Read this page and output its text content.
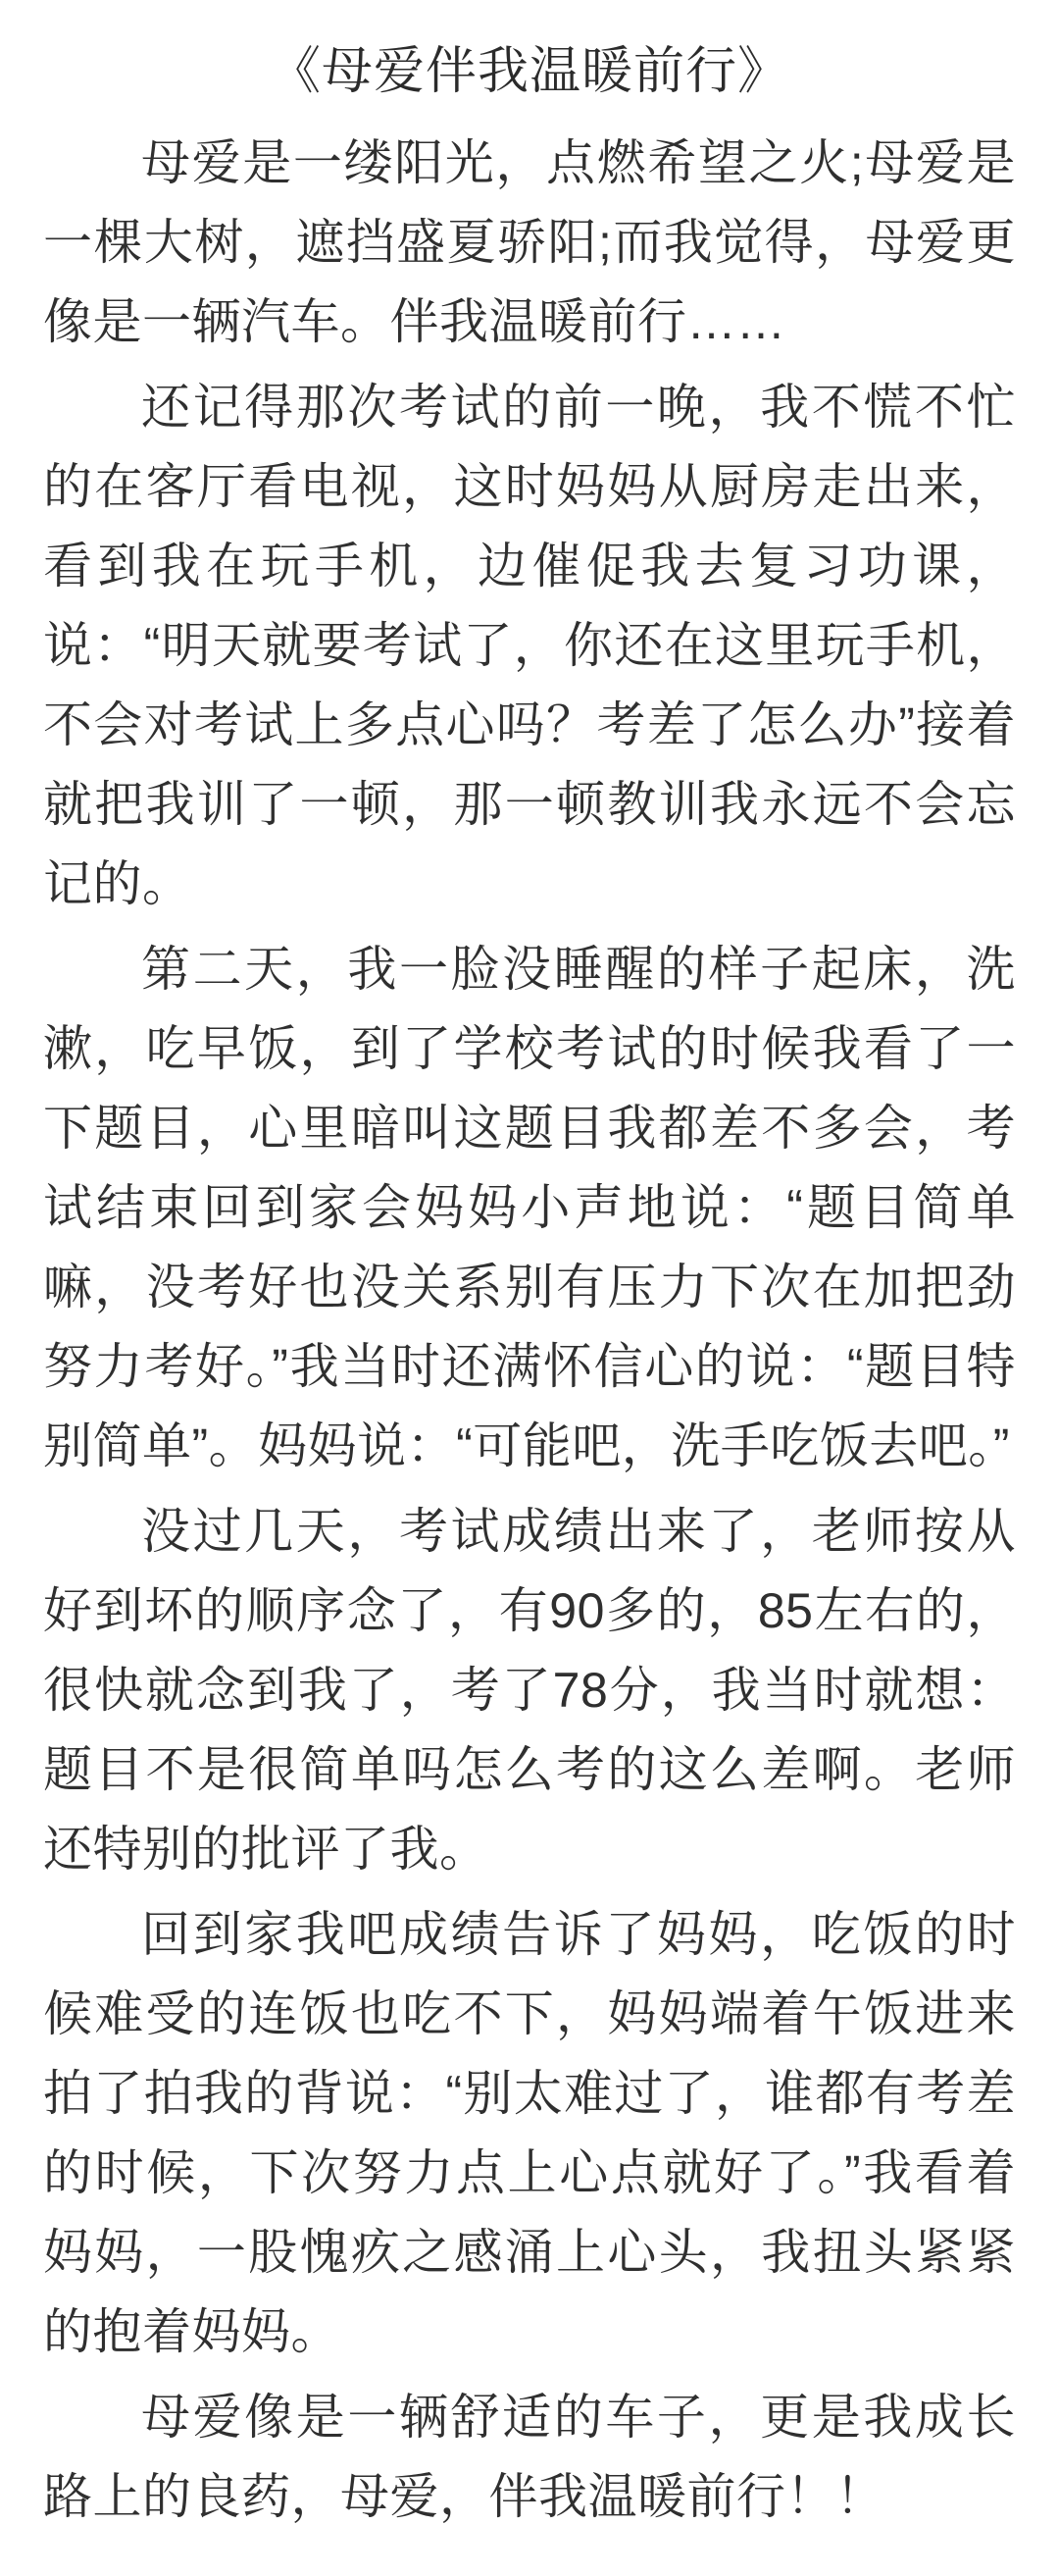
《母爱伴我温暖前行》

母爱是一缕阳光，点燃希望之火;母爱是一棵大树，遮挡盛夏骄阳;而我觉得，母爱更像是一辆汽车。伴我温暖前行……

还记得那次考试的前一晚，我不慌不忙的在客厅看电视，这时妈妈从厨房走出来，看到我在玩手机，边催促我去复习功课，说：“明天就要考试了，你还在这里玩手机，不会对考试上多点心吗？考差了怎么办”接着就把我训了一顿，那一顿教训我永远不会忘记的。

第二天，我一脸没睡醒的样子起床，洗漱，吃早饭，到了学校考试的时候我看了一下题目，心里暗叫这题目我都差不多会，考试结束回到家会妈妈小声地说：“题目简单嘛，没考好也没关系别有压力下次在加把劲努力考好。”我当时还满怀信心的说：“题目特别简单”。妈妈说：“可能吧，洗手吃饭去吧。”

没过几天，考试成绩出来了，老师按从好到坏的顺序念了，有90多的，85左右的，很快就念到我了，考了78分，我当时就想：题目不是很简单吗怎么考的这么差啊。老师还特别的批评了我。

回到家我吧成绩告诉了妈妈，吃饭的时候难受的连饭也吃不下，妈妈端着午饭进来拍了拍我的背说：“别太难过了，谁都有考差的时候，下次努力点上心点就好了。”我看着妈妈，一股愧疚之感涌上心头，我扭头紧紧的抱着妈妈。

母爱像是一辆舒适的车子，更是我成长路上的良药，母爱，伴我温暖前行！！
